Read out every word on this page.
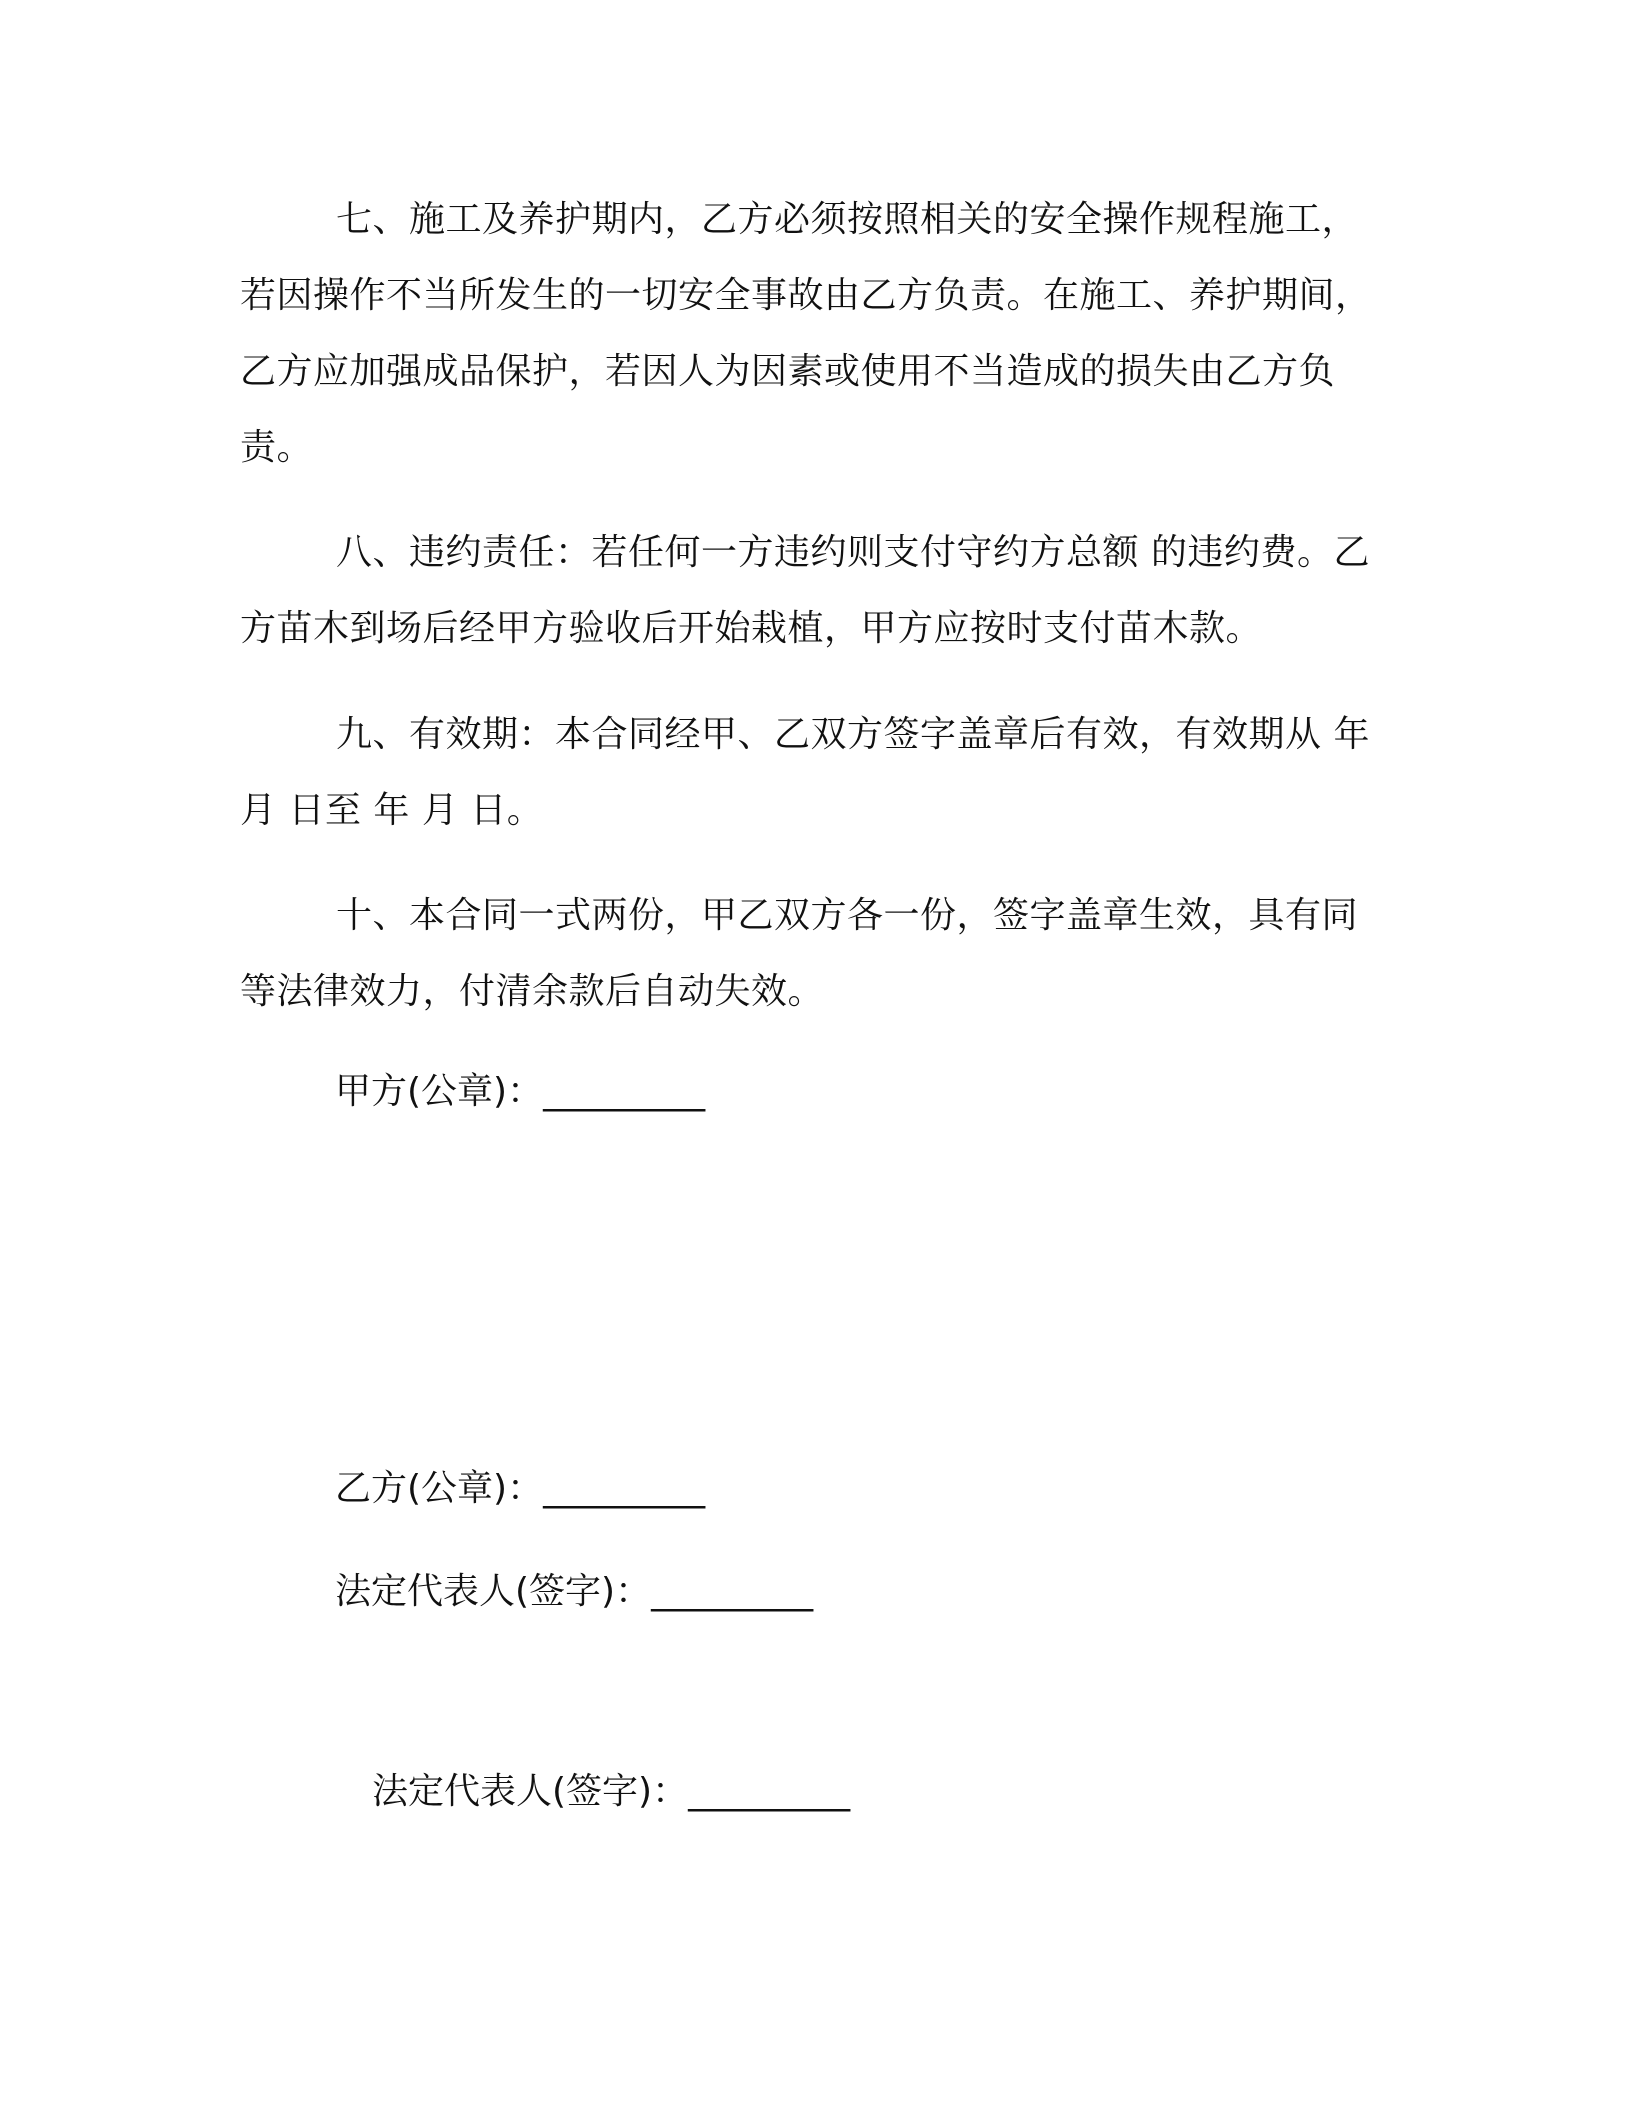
七、施工及养护期内，乙方必须按照相关的安全操作规程施工，若因操作不当所发生的一切安全事故由乙方负责。在施工、养护期间，乙方应加强成品保护，若因人为因素或使用不当造成的损失由乙方负责。

八、违约责任：若任何一方违约则支付守约方总额 的违约费。乙方苗木到场后经甲方验收后开始栽植，甲方应按时支付苗木款。

九、有效期：本合同经甲、乙双方签字盖章后有效，有效期从 年月 日至 年 月 日。

十、本合同一式两份，甲乙双方各一份，签字盖章生效，具有同等法律效力，付清余款后自动失效。

甲方(公章)：_________
乙方(公章)：_________
法定代表人(签字)：_________
法定代表人(签字)：_________
